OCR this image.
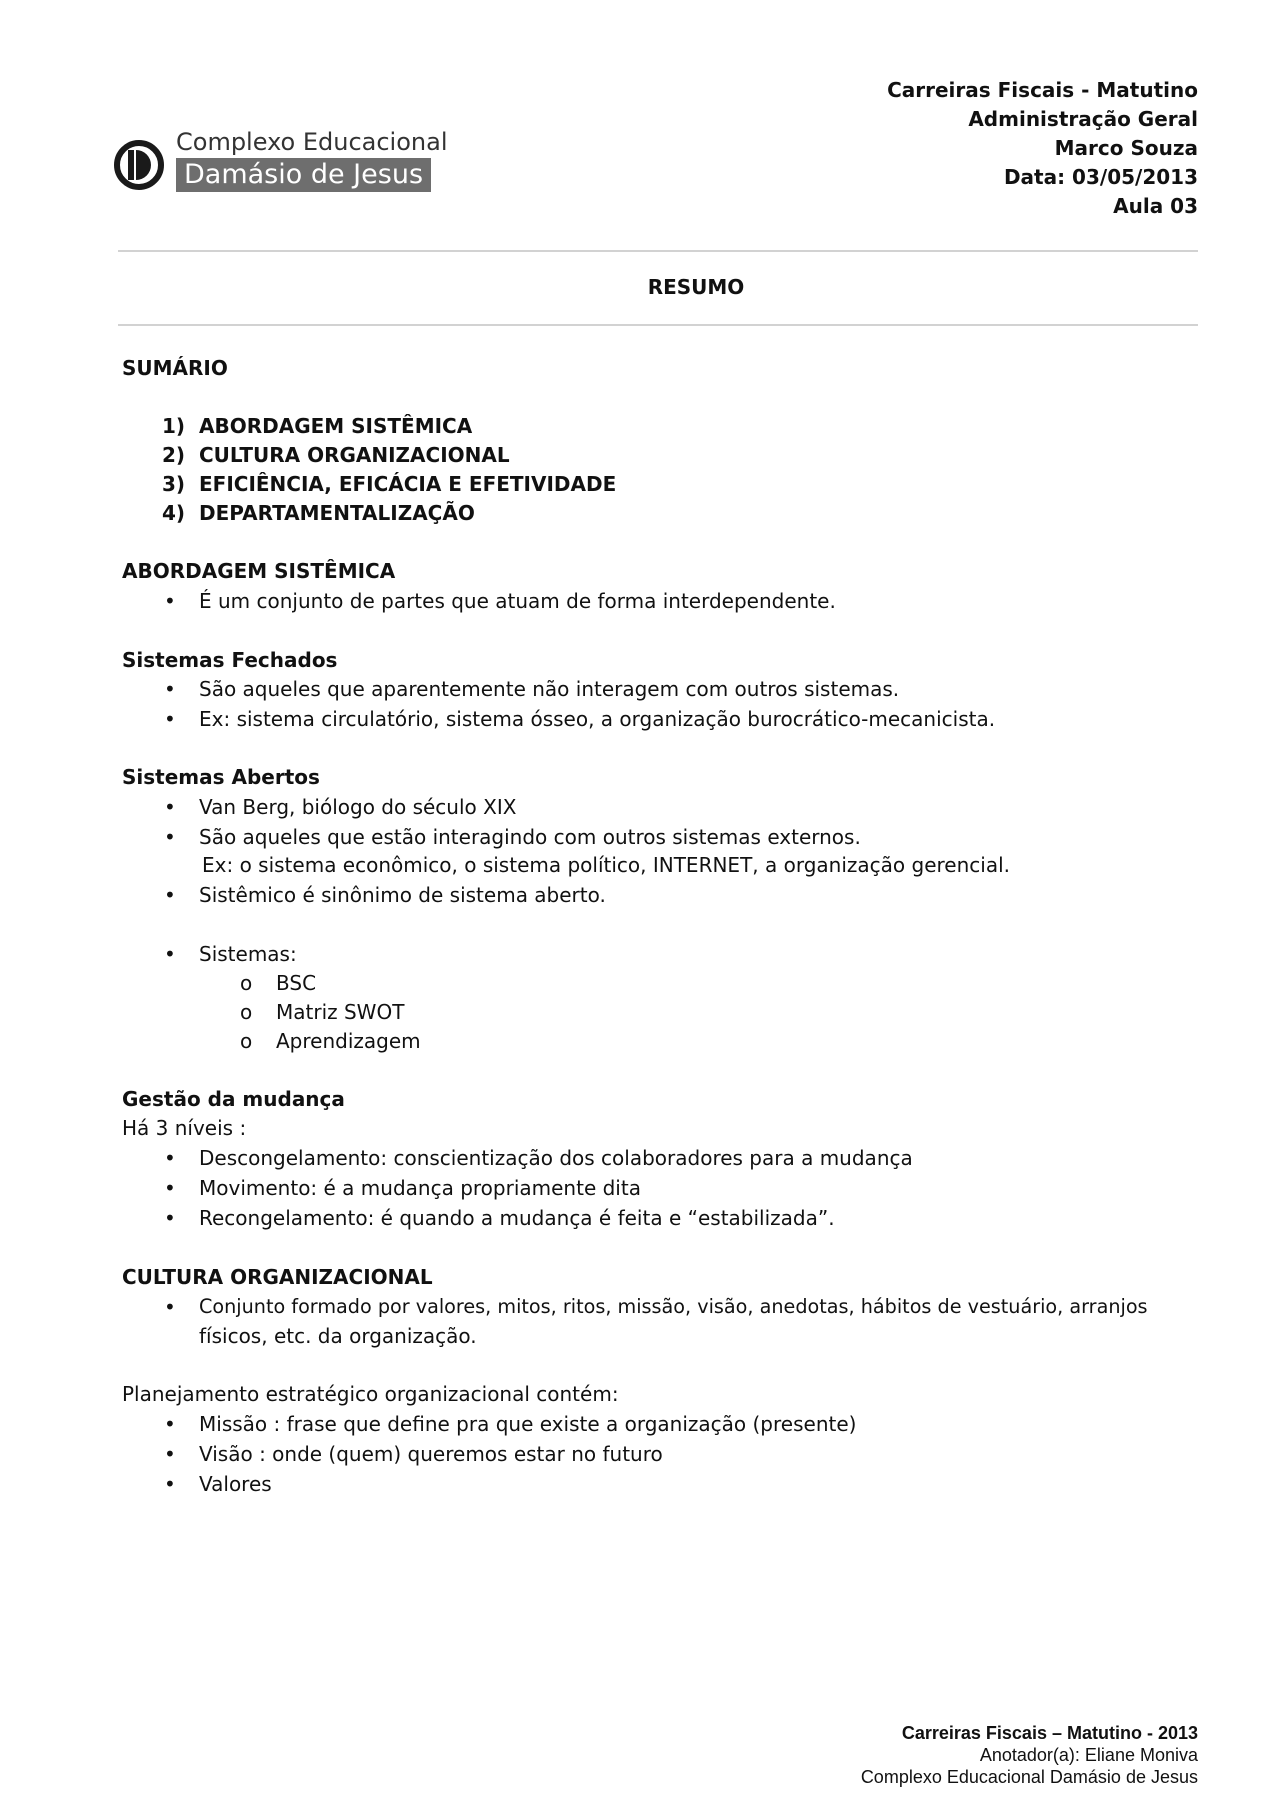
Complexo Educacional
Damásio de Jesus
Carreiras Fiscais - Matutino
Administração Geral
Marco Souza
Data: 03/05/2013
Aula 03
RESUMO
SUMÁRIO
1) ABORDAGEM SISTÊMICA
2) CULTURA ORGANIZACIONAL
3) EFICIÊNCIA, EFICÁCIA E EFETIVIDADE
4) DEPARTAMENTALIZAÇÃO
ABORDAGEM SISTÊMICA
• É um conjunto de partes que atuam de forma interdependente.
Sistemas Fechados
• São aqueles que aparentemente não interagem com outros sistemas.
• Ex: sistema circulatório, sistema ósseo, a organização burocrático-mecanicista.
Sistemas Abertos
• Van Berg, biólogo do século XIX
• São aqueles que estão interagindo com outros sistemas externos.
Ex: o sistema econômico, o sistema político, INTERNET, a organização gerencial.
• Sistêmico é sinônimo de sistema aberto.
• Sistemas:
o BSC
o Matriz SWOT
o Aprendizagem
Gestão da mudança
Há 3 níveis :
• Descongelamento: conscientização dos colaboradores para a mudança
• Movimento: é a mudança propriamente dita
• Recongelamento: é quando a mudança é feita e “estabilizada”.
CULTURA ORGANIZACIONAL
• Conjunto formado por valores, mitos, ritos, missão, visão, anedotas, hábitos de vestuário, arranjos
físicos, etc. da organização.
Planejamento estratégico organizacional contém:
• Missão : frase que define pra que existe a organização (presente)
• Visão : onde (quem) queremos estar no futuro
• Valores
Carreiras Fiscais – Matutino - 2013
Anotador(a): Eliane Moniva
Complexo Educacional Damásio de Jesus
